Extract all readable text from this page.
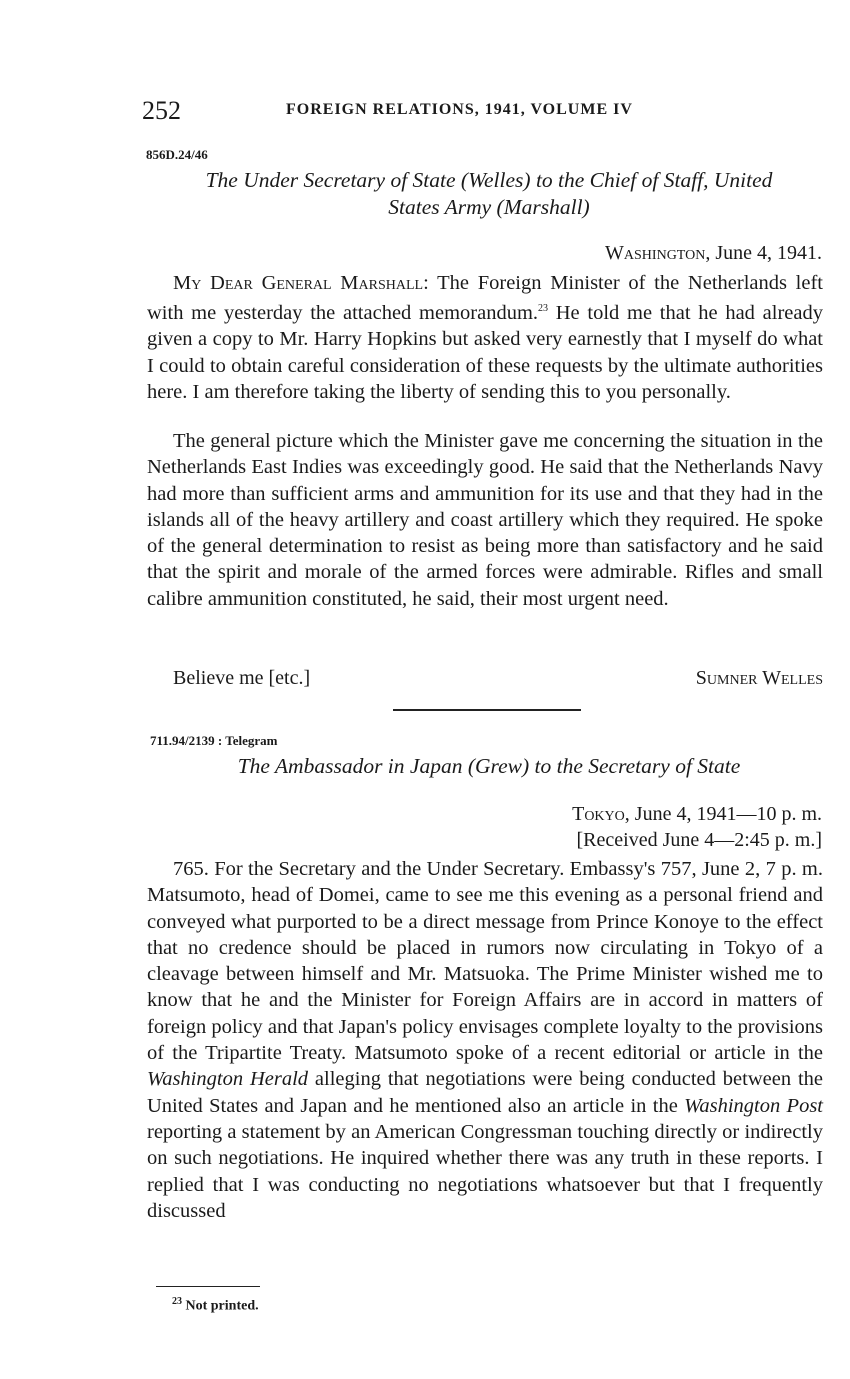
252	FOREIGN RELATIONS, 1941, VOLUME IV
856D.24/46
The Under Secretary of State (Welles) to the Chief of Staff, United
States Army (Marshall)
Washington, June 4, 1941.

My Dear General Marshall: The Foreign Minister of the Netherlands left with me yesterday the attached memorandum.$^{23}$ He told me that he had already given a copy to Mr. Harry Hopkins but asked very earnestly that I myself do what I could to obtain careful consideration of these requests by the ultimate authorities here. I am therefore taking the liberty of sending this to you personally.

The general picture which the Minister gave me concerning the situation in the Netherlands East Indies was exceedingly good. He said that the Netherlands Navy had more than sufficient arms and ammunition for its use and that they had in the islands all of the heavy artillery and coast artillery which they required. He spoke of the general determination to resist as being more than satisfactory and he said that the spirit and morale of the armed forces were admirable. Rifles and small calibre ammunition constituted, he said, their most urgent need.

Believe me [etc.]	Sumner Welles
711.94/2139 : Telegram
The Ambassador in Japan (Grew) to the Secretary of State
Tokyo, June 4, 1941—10 p. m.
[Received June 4—2:45 p. m.]

765. For the Secretary and the Under Secretary. Embassy's 757, June 2, 7 p. m. Matsumoto, head of Domei, came to see me this evening as a personal friend and conveyed what purported to be a direct message from Prince Konoye to the effect that no credence should be placed in rumors now circulating in Tokyo of a cleavage between himself and Mr. Matsuoka. The Prime Minister wished me to know that he and the Minister for Foreign Affairs are in accord in matters of foreign policy and that Japan's policy envisages complete loyalty to the provisions of the Tripartite Treaty. Matsumoto spoke of a recent editorial or article in the Washington Herald alleging that negotiations were being conducted between the United States and Japan and he mentioned also an article in the Washington Post reporting a statement by an American Congressman touching directly or indirectly on such negotiations. He inquired whether there was any truth in these reports. I replied that I was conducting no negotiations whatsoever but that I frequently discussed

$^{23}$ Not printed.
